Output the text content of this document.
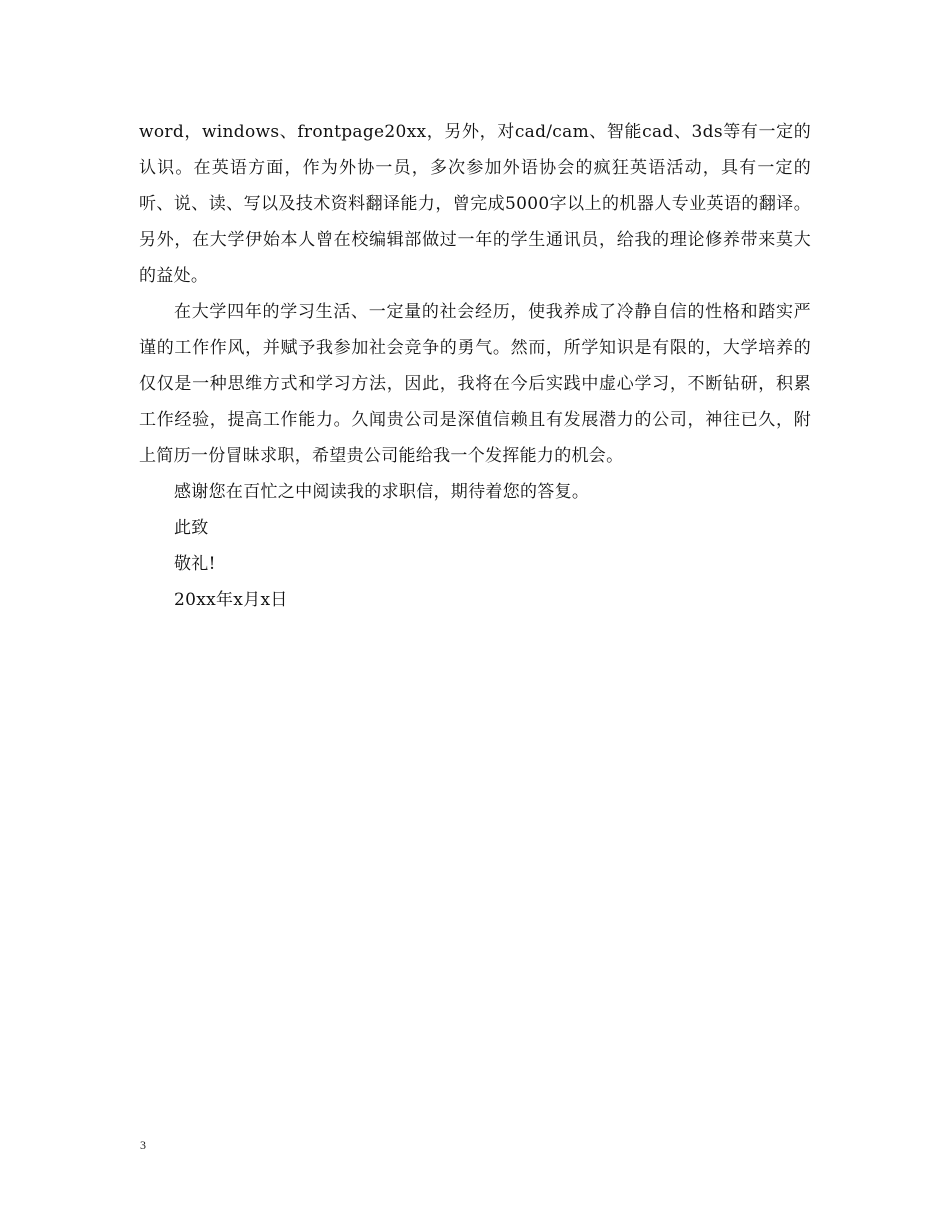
word，windows、frontpage20xx，另外，对cad/cam、智能cad、3ds等有一定的认识。在英语方面，作为外协一员，多次参加外语协会的疯狂英语活动，具有一定的听、说、读、写以及技术资料翻译能力，曾完成5000字以上的机器人专业英语的翻译。另外，在大学伊始本人曾在校编辑部做过一年的学生通讯员，给我的理论修养带来莫大的益处。

在大学四年的学习生活、一定量的社会经历，使我养成了冷静自信的性格和踏实严谨的工作作风，并赋予我参加社会竞争的勇气。然而，所学知识是有限的，大学培养的仅仅是一种思维方式和学习方法，因此，我将在今后实践中虚心学习，不断钻研，积累工作经验，提高工作能力。久闻贵公司是深值信赖且有发展潜力的公司，神往已久，附上简历一份冒昧求职，希望贵公司能给我一个发挥能力的机会。

感谢您在百忙之中阅读我的求职信，期待着您的答复。

此致

敬礼!

20xx年x月x日

3
